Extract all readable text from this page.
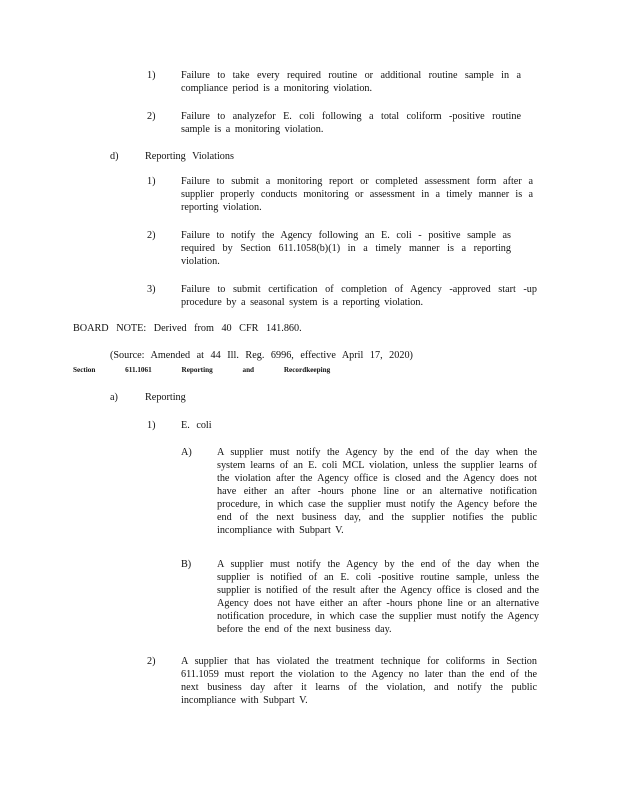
1)	Failure to take every required routine or additional routine sample in a compliance period is a monitoring violation.
2)	Failure to analyzefor E. coli following a total coliform -positive routine sample is a monitoring violation.
d)	Reporting Violations
1)	Failure to submit a monitoring report or completed assessment form after a supplier properly conducts monitoring or assessment in a timely manner is a reporting violation.
2)	Failure to notify the Agency following an E. coli - positive sample as required by Section 611.1058(b)(1) in a timely manner is a reporting violation.
3)	Failure to submit certification of completion of Agency -approved start -up procedure by a seasonal system is a reporting violation.
BOARD NOTE: Derived from 40 CFR 141.860.
(Source: Amended at 44 Ill. Reg. 6996, effective April 17, 2020)
Section	611.1061	Reporting	and	Recordkeeping
a)	Reporting
1)	E. coli
A) A supplier must notify the Agency by the end of the day when the system learns of an E. coli MCL violation, unless the supplier learns of the violation after the Agency office is closed and the Agency does not have either an after -hours phone line or an alternative notification procedure, in which case the supplier must notify the Agency before the end of the next business day, and the supplier notifies the public incompliance with Subpart V.
B)	A supplier must notify the Agency by the end of the day when the supplier is notified of an E. coli -positive routine sample, unless the supplier is notified of the result after the Agency office is closed and the Agency does not have either an after -hours phone line or an alternative notification procedure, in which case the supplier must notify the Agency before the end of the next business day.
2)	A supplier that has violated the treatment technique for coliforms in Section 611.1059 must report the violation to the Agency no later than the end of the next business day after it learns of the violation, and notify the public incompliance with Subpart V.
